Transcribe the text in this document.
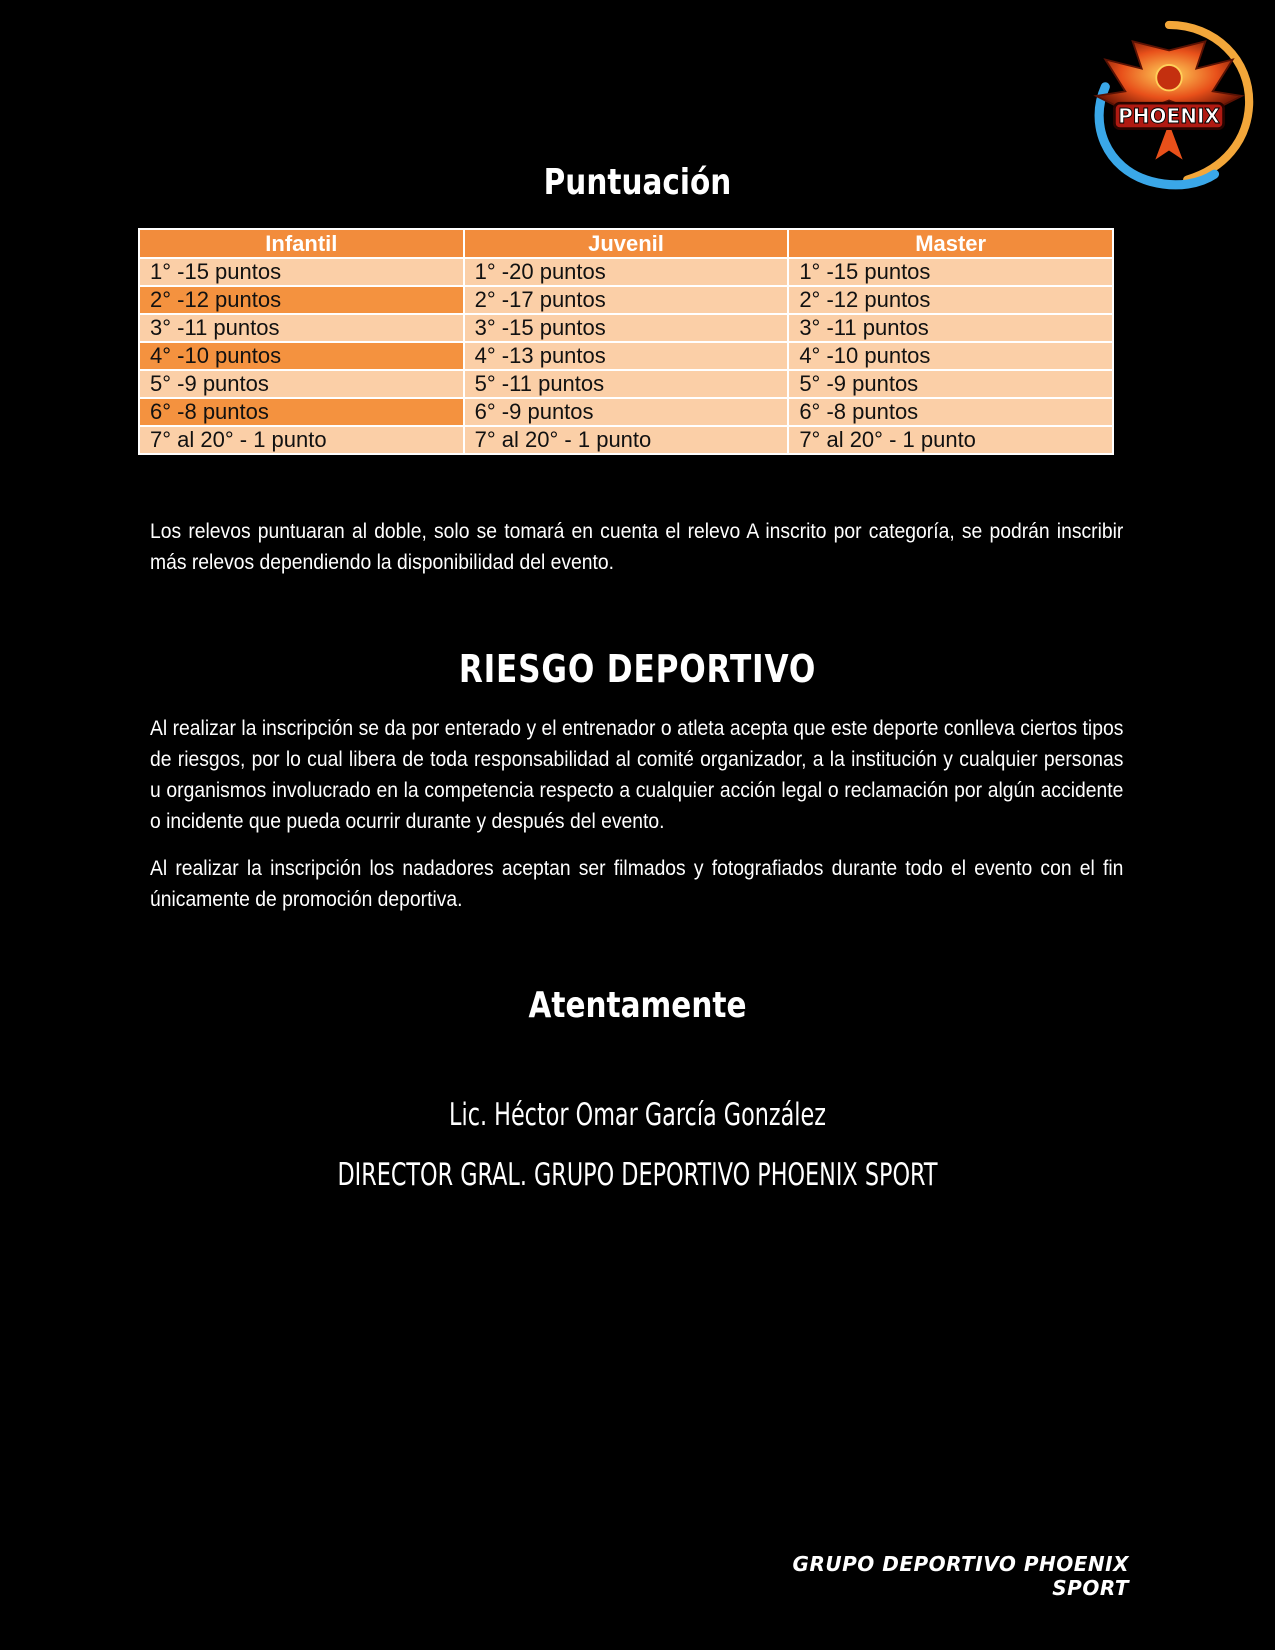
PHOENIX
Puntuación
Infantil	Juvenil	Master
1° -15 puntos	1° -20 puntos	1° -15 puntos
2° -12 puntos	2° -17 puntos	2° -12 puntos
3° -11 puntos	3° -15 puntos	3° -11 puntos
4° -10 puntos	4° -13 puntos	4° -10 puntos
5° -9 puntos	5° -11 puntos	5° -9 puntos
6° -8 puntos	6° -9 puntos	6° -8 puntos
7° al 20° - 1 punto	7° al 20° - 1 punto	7° al 20° - 1 punto
Los relevos puntuaran al doble, solo se tomará en cuenta el relevo A inscrito por categoría, se podrán inscribir más relevos dependiendo la disponibilidad del evento.
RIESGO DEPORTIVO
Al realizar la inscripción se da por enterado y el entrenador o atleta acepta que este deporte conlleva ciertos tipos de riesgos, por lo cual libera de toda responsabilidad al comité organizador, a la institución y cualquier personas u organismos involucrado en la competencia respecto a cualquier acción legal o reclamación por algún accidente o incidente que pueda ocurrir durante y después del evento.
Al realizar la inscripción los nadadores aceptan ser filmados y fotografiados durante todo el evento con el fin únicamente de promoción deportiva.
Atentamente
Lic. Héctor Omar García González
DIRECTOR GRAL. GRUPO DEPORTIVO PHOENIX SPORT
GRUPO DEPORTIVO PHOENIX SPORT
